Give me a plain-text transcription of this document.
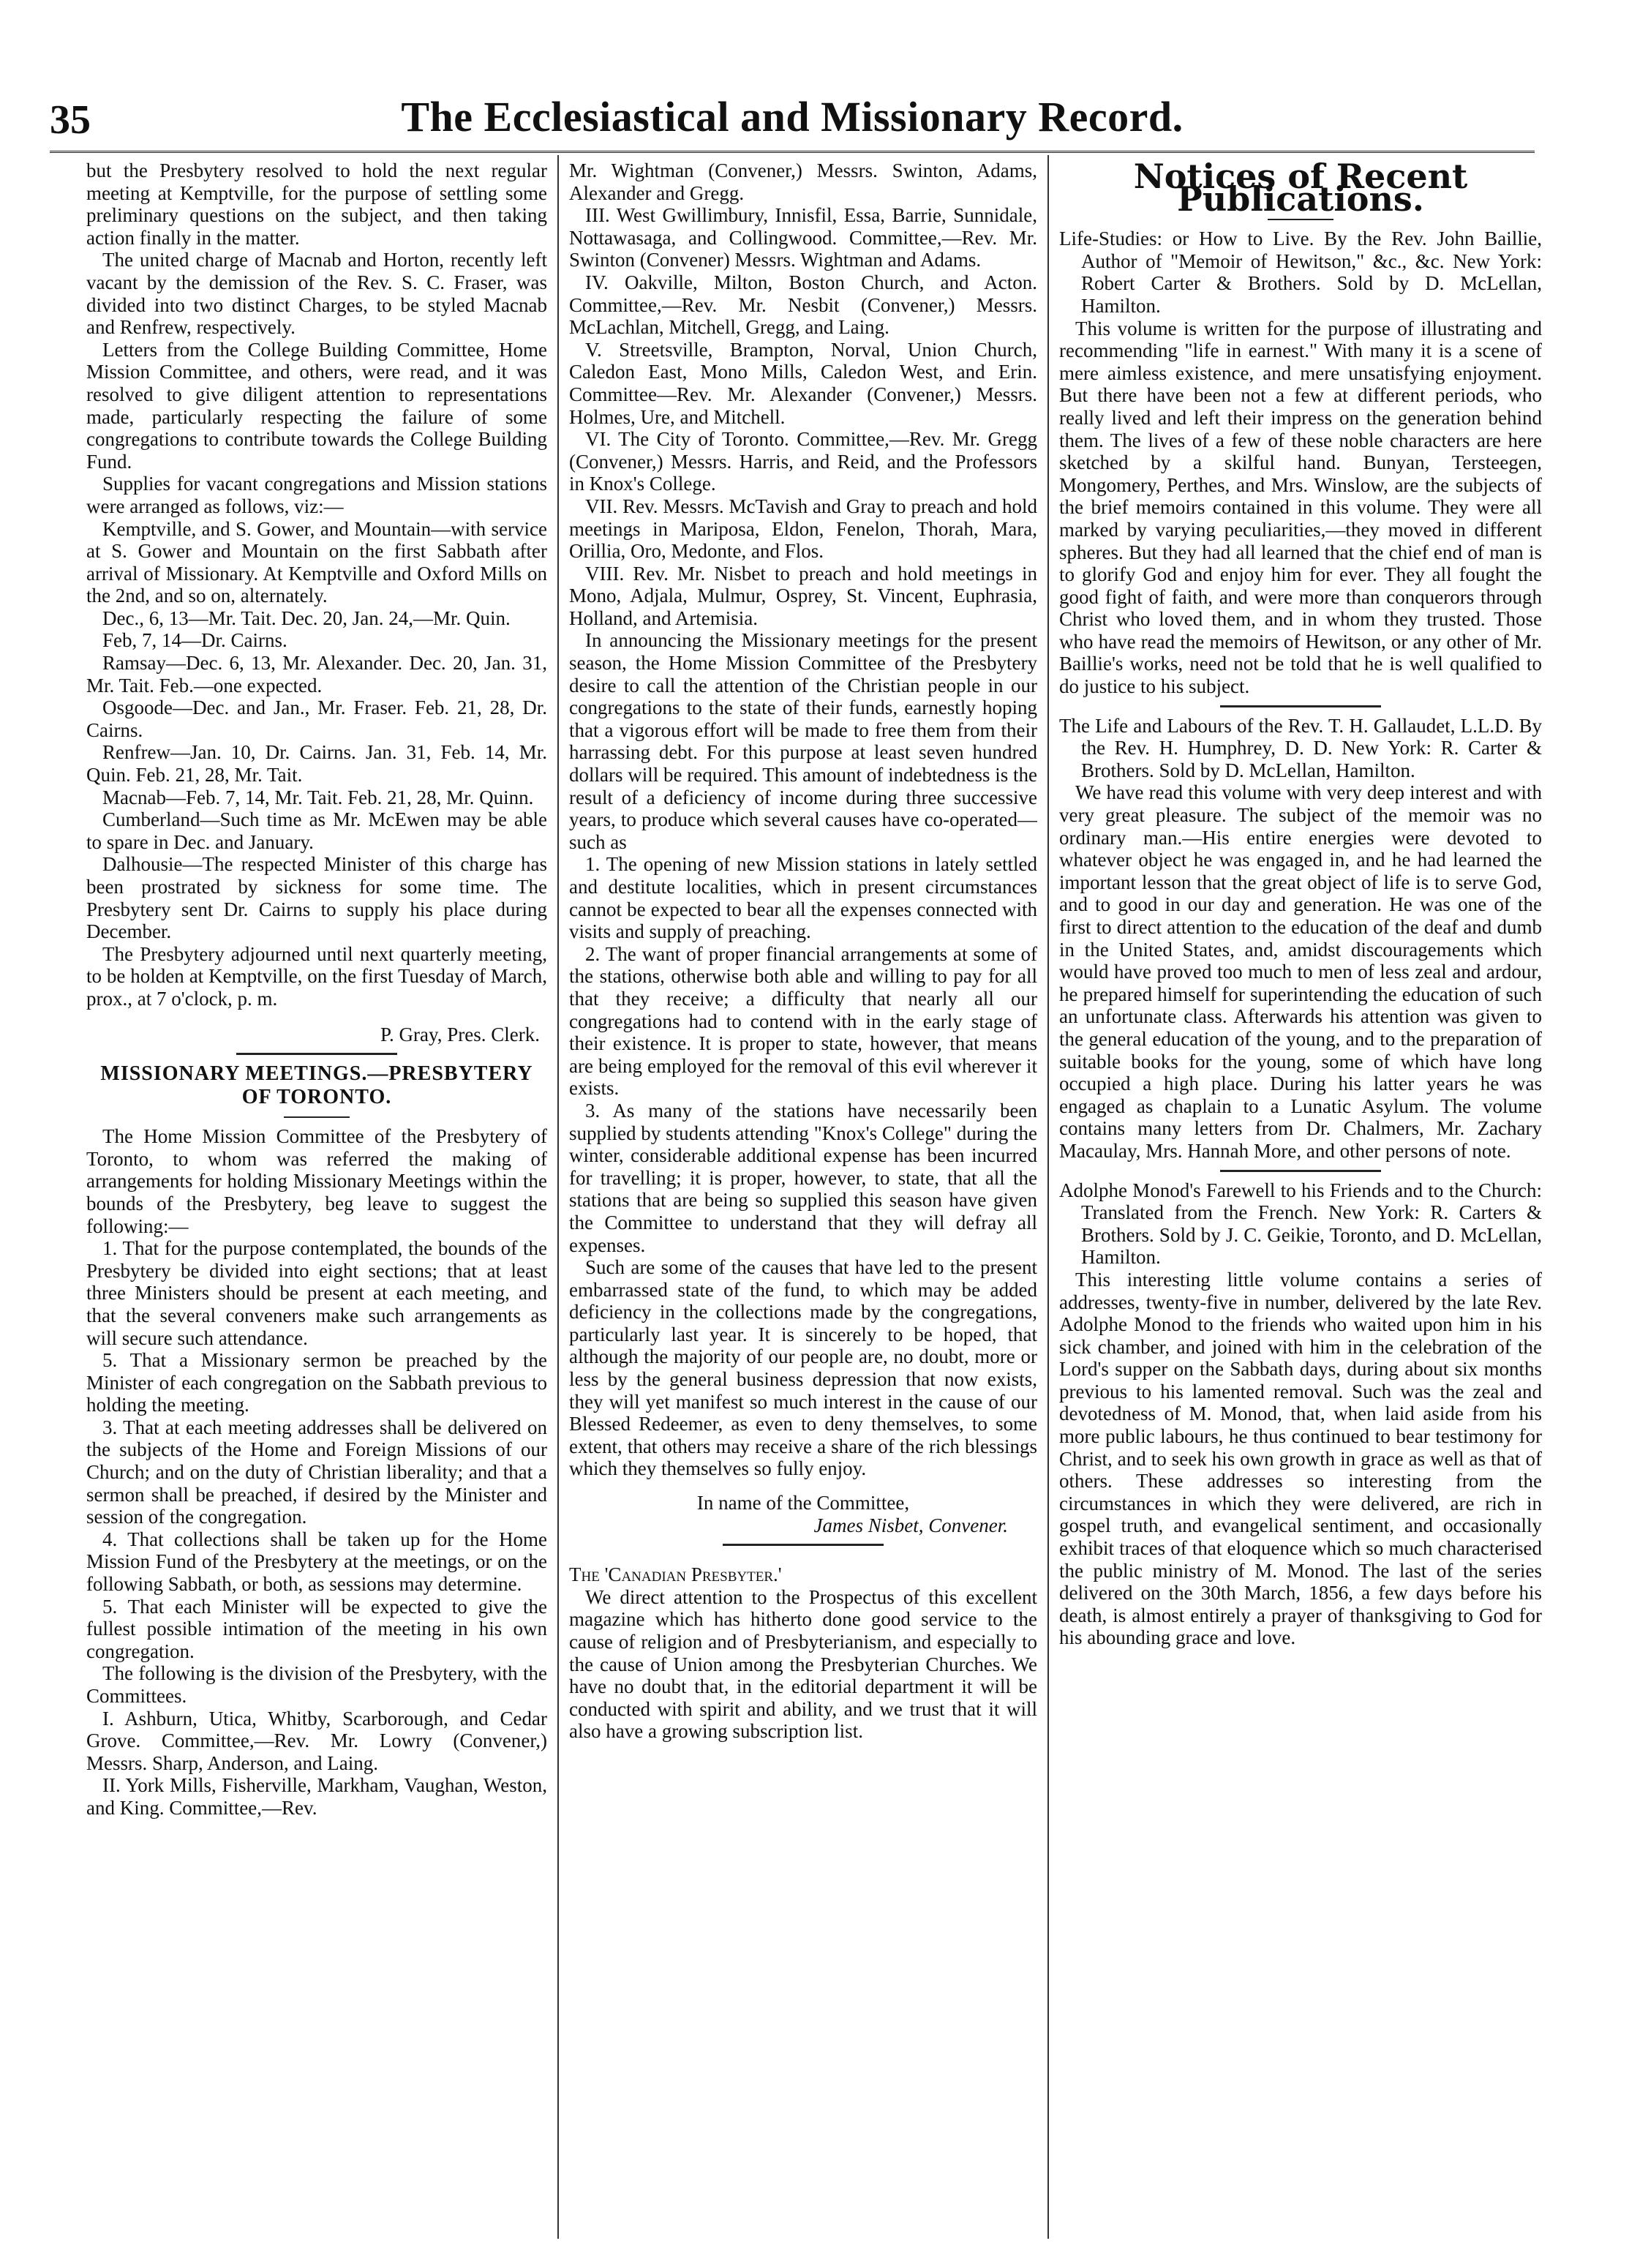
35	The Ecclesiastical and Missionary Record.

but the Presbytery resolved to hold the next regular meeting at Kemptville, for the purpose of settling some preliminary questions on the subject, and then taking action finally in the matter.

The united charge of Macnab and Horton, recently left vacant by the demission of the Rev. S. C. Fraser, was divided into two distinct Charges, to be styled Macnab and Renfrew, respectively.

Letters from the College Building Committee, Home Mission Committee, and others, were read, and it was resolved to give diligent attention to representations made, particularly respecting the failure of some congregations to contribute towards the College Building Fund.

Supplies for vacant congregations and Mission stations were arranged as follows, viz:—

Kemptville, and S. Gower, and Mountain—with service at S. Gower and Mountain on the first Sabbath after arrival of Missionary. At Kemptville and Oxford Mills on the 2nd, and so on, alternately.

Dec., 6, 13—Mr. Tait. Dec. 20, Jan. 24,—Mr. Quin.

Feb, 7, 14—Dr. Cairns.

Ramsay—Dec. 6, 13, Mr. Alexander. Dec. 20, Jan. 31, Mr. Tait. Feb.—one expected.

Osgoode—Dec. and Jan., Mr. Fraser. Feb. 21, 28, Dr. Cairns.

Renfrew—Jan. 10, Dr. Cairns. Jan. 31, Feb. 14, Mr. Quin. Feb. 21, 28, Mr. Tait.

Macnab—Feb. 7, 14, Mr. Tait. Feb. 21, 28, Mr. Quinn.

Cumberland—Such time as Mr. McEwen may be able to spare in Dec. and January.

Dalhousie—The respected Minister of this charge has been prostrated by sickness for some time. The Presbytery sent Dr. Cairns to supply his place during December.

The Presbytery adjourned until next quarterly meeting, to be holden at Kemptville, on the first Tuesday of March, prox., at 7 o'clock, p. m.

P. Gray, Pres. Clerk.
MISSIONARY MEETINGS.—PRESBYTERY OF TORONTO.

The Home Mission Committee of the Presbytery of Toronto, to whom was referred the making of arrangements for holding Missionary Meetings within the bounds of the Presbytery, beg leave to suggest the following:—

1. That for the purpose contemplated, the bounds of the Presbytery be divided into eight sections; that at least three Ministers should be present at each meeting, and that the several conveners make such arrangements as will secure such attendance.

5. That a Missionary sermon be preached by the Minister of each congregation on the Sabbath previous to holding the meeting.

3. That at each meeting addresses shall be delivered on the subjects of the Home and Foreign Missions of our Church; and on the duty of Christian liberality; and that a sermon shall be preached, if desired by the Minister and session of the congregation.

4. That collections shall be taken up for the Home Mission Fund of the Presbytery at the meetings, or on the following Sabbath, or both, as sessions may determine.

5. That each Minister will be expected to give the fullest possible intimation of the meeting in his own congregation.

The following is the division of the Presbytery, with the Committees.

I. Ashburn, Utica, Whitby, Scarborough, and Cedar Grove. Committee,—Rev. Mr. Lowry (Convener,) Messrs. Sharp, Anderson, and Laing.

II. York Mills, Fisherville, Markham, Vaughan, Weston, and King. Committee,—Rev.

Mr. Wightman (Convener,) Messrs. Swinton, Adams, Alexander and Gregg.

III. West Gwillimbury, Innisfil, Essa, Barrie, Sunnidale, Nottawasaga, and Collingwood. Committee,—Rev. Mr. Swinton (Convener) Messrs. Wightman and Adams.

IV. Oakville, Milton, Boston Church, and Acton. Committee,—Rev. Mr. Nesbit (Convener,) Messrs. McLachlan, Mitchell, Gregg, and Laing.

V. Streetsville, Brampton, Norval, Union Church, Caledon East, Mono Mills, Caledon West, and Erin. Committee—Rev. Mr. Alexander (Convener,) Messrs. Holmes, Ure, and Mitchell.

VI. The City of Toronto. Committee,—Rev. Mr. Gregg (Convener,) Messrs. Harris, and Reid, and the Professors in Knox's College.

VII. Rev. Messrs. McTavish and Gray to preach and hold meetings in Mariposa, Eldon, Fenelon, Thorah, Mara, Orillia, Oro, Medonte, and Flos.

VIII. Rev. Mr. Nisbet to preach and hold meetings in Mono, Adjala, Mulmur, Osprey, St. Vincent, Euphrasia, Holland, and Artemisia.

In announcing the Missionary meetings for the present season, the Home Mission Committee of the Presbytery desire to call the attention of the Christian people in our congregations to the state of their funds, earnestly hoping that a vigorous effort will be made to free them from their harrassing debt. For this purpose at least seven hundred dollars will be required. This amount of indebtedness is the result of a deficiency of income during three successive years, to produce which several causes have co-operated—such as

1. The opening of new Mission stations in lately settled and destitute localities, which in present circumstances cannot be expected to bear all the expenses connected with visits and supply of preaching.

2. The want of proper financial arrangements at some of the stations, otherwise both able and willing to pay for all that they receive; a difficulty that nearly all our congregations had to contend with in the early stage of their existence. It is proper to state, however, that means are being employed for the removal of this evil wherever it exists.

3. As many of the stations have necessarily been supplied by students attending "Knox's College" during the winter, considerable additional expense has been incurred for travelling; it is proper, however, to state, that all the stations that are being so supplied this season have given the Committee to understand that they will defray all expenses.

Such are some of the causes that have led to the present embarrassed state of the fund, to which may be added deficiency in the collections made by the congregations, particularly last year. It is sincerely to be hoped, that although the majority of our people are, no doubt, more or less by the general business depression that now exists, they will yet manifest so much interest in the cause of our Blessed Redeemer, as even to deny themselves, to some extent, that others may receive a share of the rich blessings which they themselves so fully enjoy.

In name of the Committee,
James Nisbet, Convener.
The 'Canadian Presbyter.'

We direct attention to the Prospectus of this excellent magazine which has hitherto done good service to the cause of religion and of Presbyterianism, and especially to the cause of Union among the Presbyterian Churches. We have no doubt that, in the editorial department it will be conducted with spirit and ability, and we trust that it will also have a growing subscription list.

Notices of Recent Publications.

Life-Studies: or How to Live. By the Rev. John Baillie, Author of "Memoir of Hewitson," &c., &c. New York: Robert Carter & Brothers. Sold by D. McLellan, Hamilton.

This volume is written for the purpose of illustrating and recommending "life in earnest." With many it is a scene of mere aimless existence, and mere unsatisfying enjoyment. But there have been not a few at different periods, who really lived and left their impress on the generation behind them. The lives of a few of these noble characters are here sketched by a skilful hand. Bunyan, Tersteegen, Mongomery, Perthes, and Mrs. Winslow, are the subjects of the brief memoirs contained in this volume. They were all marked by varying peculiarities,—they moved in different spheres. But they had all learned that the chief end of man is to glorify God and enjoy him for ever. They all fought the good fight of faith, and were more than conquerors through Christ who loved them, and in whom they trusted. Those who have read the memoirs of Hewitson, or any other of Mr. Baillie's works, need not be told that he is well qualified to do justice to his subject.

The Life and Labours of the Rev. T. H. Gallaudet, L.L.D. By the Rev. H. Humphrey, D. D. New York: R. Carter & Brothers. Sold by D. McLellan, Hamilton.

We have read this volume with very deep interest and with very great pleasure. The subject of the memoir was no ordinary man.—His entire energies were devoted to whatever object he was engaged in, and he had learned the important lesson that the great object of life is to serve God, and to good in our day and generation. He was one of the first to direct attention to the education of the deaf and dumb in the United States, and, amidst discouragements which would have proved too much to men of less zeal and ardour, he prepared himself for superintending the education of such an unfortunate class. Afterwards his attention was given to the general education of the young, and to the preparation of suitable books for the young, some of which have long occupied a high place. During his latter years he was engaged as chaplain to a Lunatic Asylum. The volume contains many letters from Dr. Chalmers, Mr. Zachary Macaulay, Mrs. Hannah More, and other persons of note.

Adolphe Monod's Farewell to his Friends and to the Church: Translated from the French. New York: R. Carters & Brothers. Sold by J. C. Geikie, Toronto, and D. McLellan, Hamilton.

This interesting little volume contains a series of addresses, twenty-five in number, delivered by the late Rev. Adolphe Monod to the friends who waited upon him in his sick chamber, and joined with him in the celebration of the Lord's supper on the Sabbath days, during about six months previous to his lamented removal. Such was the zeal and devotedness of M. Monod, that, when laid aside from his more public labours, he thus continued to bear testimony for Christ, and to seek his own growth in grace as well as that of others. These addresses so interesting from the circumstances in which they were delivered, are rich in gospel truth, and evangelical sentiment, and occasionally exhibit traces of that eloquence which so much characterised the public ministry of M. Monod. The last of the series delivered on the 30th March, 1856, a few days before his death, is almost entirely a prayer of thanksgiving to God for his abounding grace and love.
